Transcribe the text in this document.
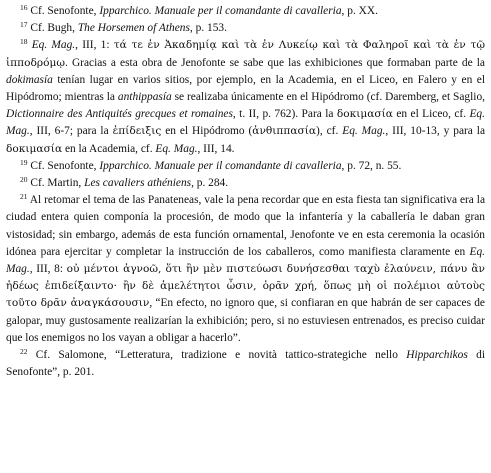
$^{16}$ Cf. Senofonte, Ipparchico. Manuale per il comandante di cavalleria, p. XX.

$^{17}$ Cf. Bugh, The Horsemen of Athens, p. 153.

$^{18}$ Eq. Mag., III, 1: τά τε ἐν Ἀκαδημίᾳ καὶ τὰ ἐν Λυκείῳ καὶ τὰ Φαληροῖ καὶ τὰ ἐν τῷ ἱπποδρόμῳ. Gracias a esta obra de Jenofonte se sabe que las exhibiciones que formaban parte de la dokimasía tenían lugar en varios sitios, por ejemplo, en la Academia, en el Liceo, en Falero y en el Hipódromo; mientras la anthippasía se realizaba únicamente en el Hipódromo (cf. Daremberg, et Saglio, Dictionnaire des Antiquités grecques et romaines, t. II, p. 762). Para la δοκιμασία en el Liceo, cf. Eq. Mag., III, 6-7; para la ἐπίδειξις en el Hipódromo (ἀνθιππασία), cf. Eq. Mag., III, 10-13, y para la δοκιμασία en la Academia, cf. Eq. Mag., III, 14.

$^{19}$ Cf. Senofonte, Ipparchico. Manuale per il comandante di cavalleria, p. 72, n. 55.

$^{20}$ Cf. Martin, Les cavaliers athéniens, p. 284.

$^{21}$ Al retomar el tema de las Panateneas, vale la pena recordar que en esta fiesta tan significativa era la ciudad entera quien componía la procesión, de modo que la infantería y la caballería le daban gran vistosidad; sin embargo, además de esta función ornamental, Jenofonte ve en esta ceremonia la ocasión idónea para ejercitar y completar la instrucción de los caballeros, como manifiesta claramente en Eq. Mag., III, 8: οὐ μέντοι ἀγνοῶ, ὅτι ἢν μὲν πιστεύωσι δυνήσεσθαι ταχὺ ἐλαύνειν, πάνυ ἂν ἡδέως ἐπιδείξαιντο· ἢν δὲ ἀμελέτητοι ὦσιν, ὁρᾶν χρή, ὅπως μὴ οἱ πολέμιοι αὐτοὺς τοῦτο δρᾶν ἀναγκάσουσιν, “En efecto, no ignoro que, si confiaran en que habrán de ser capaces de galopar, muy gustosamente realizarían la exhibición; pero, si no estuviesen entrenados, es preciso cuidar que los enemigos no los vayan a obligar a hacerlo”.

$^{22}$ Cf. Salomone, “Letteratura, tradizione e novità tattico-strategiche nello Hipparchikos di Senofonte”, p. 201.
